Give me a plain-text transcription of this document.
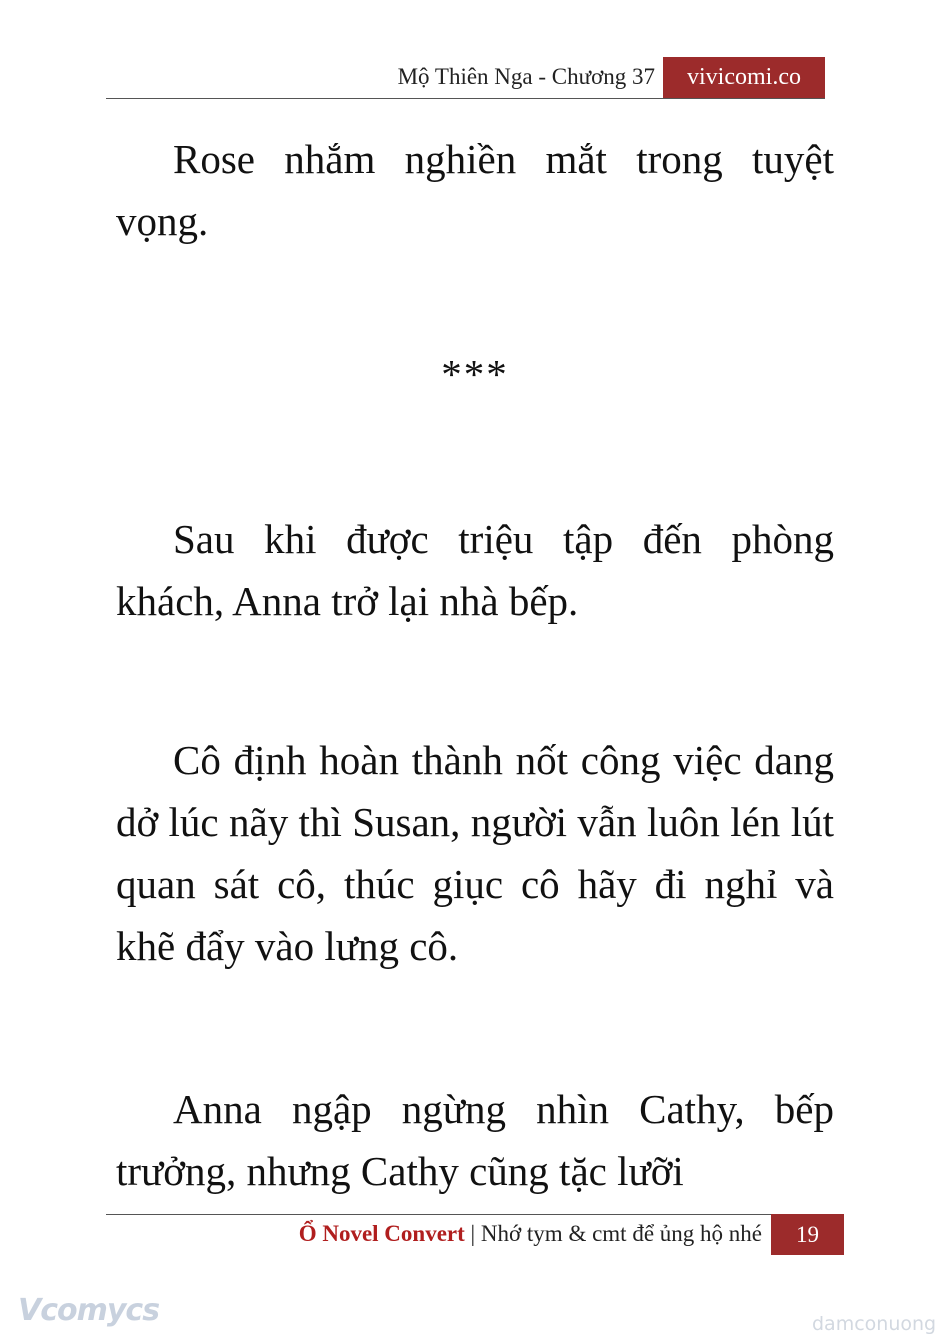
Mộ Thiên Nga - Chương 37	vivicomi.co
Rose nhắm nghiền mắt trong tuyệt vọng.
***
Sau khi được triệu tập đến phòng khách, Anna trở lại nhà bếp.
Cô định hoàn thành nốt công việc dang dở lúc nãy thì Susan, người vẫn luôn lén lút quan sát cô, thúc giục cô hãy đi nghỉ và khẽ đẩy vào lưng cô.
Anna ngập ngừng nhìn Cathy, bếp trưởng, nhưng Cathy cũng tặc lưỡi
Ổ Novel Convert | Nhớ tym & cmt để ủng hộ nhé	19
Vcomycs	damconuong
